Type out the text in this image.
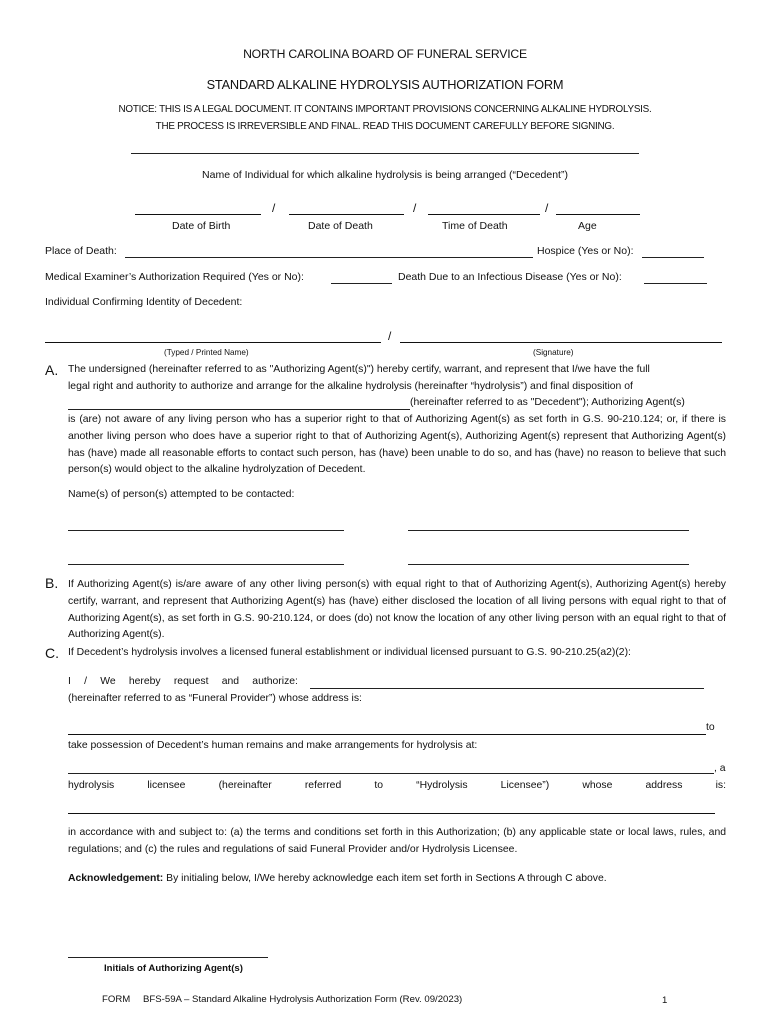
NORTH CAROLINA BOARD OF FUNERAL SERVICE
STANDARD ALKALINE HYDROLYSIS AUTHORIZATION FORM
NOTICE: THIS IS A LEGAL DOCUMENT. IT CONTAINS IMPORTANT PROVISIONS CONCERNING ALKALINE HYDROLYSIS.
THE PROCESS IS IRREVERSIBLE AND FINAL. READ THIS DOCUMENT CAREFULLY BEFORE SIGNING.
Name of Individual for which alkaline hydrolysis is being arranged (“Decedent”)
/	/	/
Date of Birth	Date of Death	Time of Death	Age
Place of Death:	Hospice (Yes or No):
Medical Examiner’s Authorization Required (Yes or No):	Death Due to an Infectious Disease (Yes or No):
Individual Confirming Identity of Decedent:
/
(Typed / Printed Name)	(Signature)
A. The undersigned (hereinafter referred to as "Authorizing Agent(s)") hereby certify, warrant, and represent that I/we have the full
legal right and authority to authorize and arrange for the alkaline hydrolysis (hereinafter “hydrolysis”) and final disposition of
(hereinafter referred to as "Decedent"); Authorizing Agent(s)
is (are) not aware of any living person who has a superior right to that of Authorizing Agent(s) as set forth in G.S. 90-210.124; or, if there is another living person who does have a superior right to that of Authorizing Agent(s), Authorizing Agent(s) represent that Authorizing Agent(s) has (have) made all reasonable efforts to contact such person, has (have) been unable to do so, and has (have) no reason to believe that such person(s) would object to the alkaline hydrolyzation of Decedent.
Name(s) of person(s) attempted to be contacted:
B. If Authorizing Agent(s) is/are aware of any other living person(s) with equal right to that of Authorizing Agent(s), Authorizing Agent(s) hereby certify, warrant, and represent that Authorizing Agent(s) has (have) either disclosed the location of all living persons with equal right to that of Authorizing Agent(s), as set forth in G.S. 90-210.124, or does (do) not know the location of any other living person with an equal right to that of Authorizing Agent(s).
C. If Decedent’s hydrolysis involves a licensed funeral establishment or individual licensed pursuant to G.S. 90-210.25(a2)(2):
I / We hereby request and authorize:
(hereinafter referred to as “Funeral Provider”) whose address is:
to
take possession of Decedent’s human remains and make arrangements for hydrolysis at:
, a
hydrolysis	licensee	(hereinafter	referred	to	“Hydrolysis	Licensee”)	whose	address	is:
in accordance with and subject to: (a) the terms and conditions set forth in this Authorization; (b) any applicable state or local laws, rules, and regulations; and (c) the rules and regulations of said Funeral Provider and/or Hydrolysis Licensee.
Acknowledgement: By initialing below, I/We hereby acknowledge each item set forth in Sections A through C above.
Initials of Authorizing Agent(s)
FORM BFS-59A – Standard Alkaline Hydrolysis Authorization Form (Rev. 09/2023)	1
